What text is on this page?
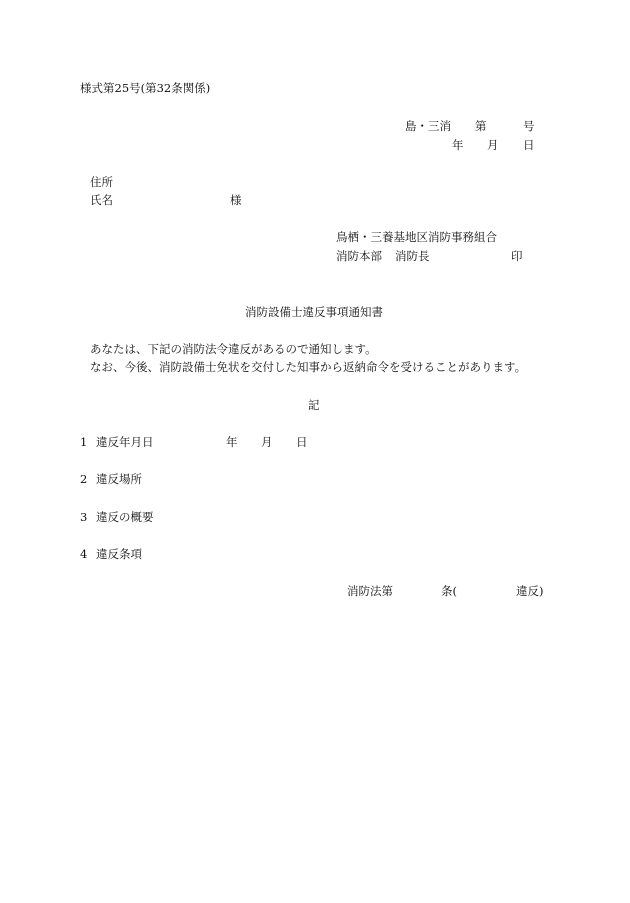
様式第25号(第32条関係)
島・三消 第	号
年 月 日
住所
氏名	様
鳥栖・三養基地区消防事務組合
消防本部 消防長	印
消防設備士違反事項通知書
あなたは、下記の消防法令違反があるので通知します。
なお、今後、消防設備士免状を交付した知事から返納命令を受けることがあります。
記
1 違反年月日	年 月 日
2 違反場所
3 違反の概要
4 違反条項
消防法第	条(	違反)
